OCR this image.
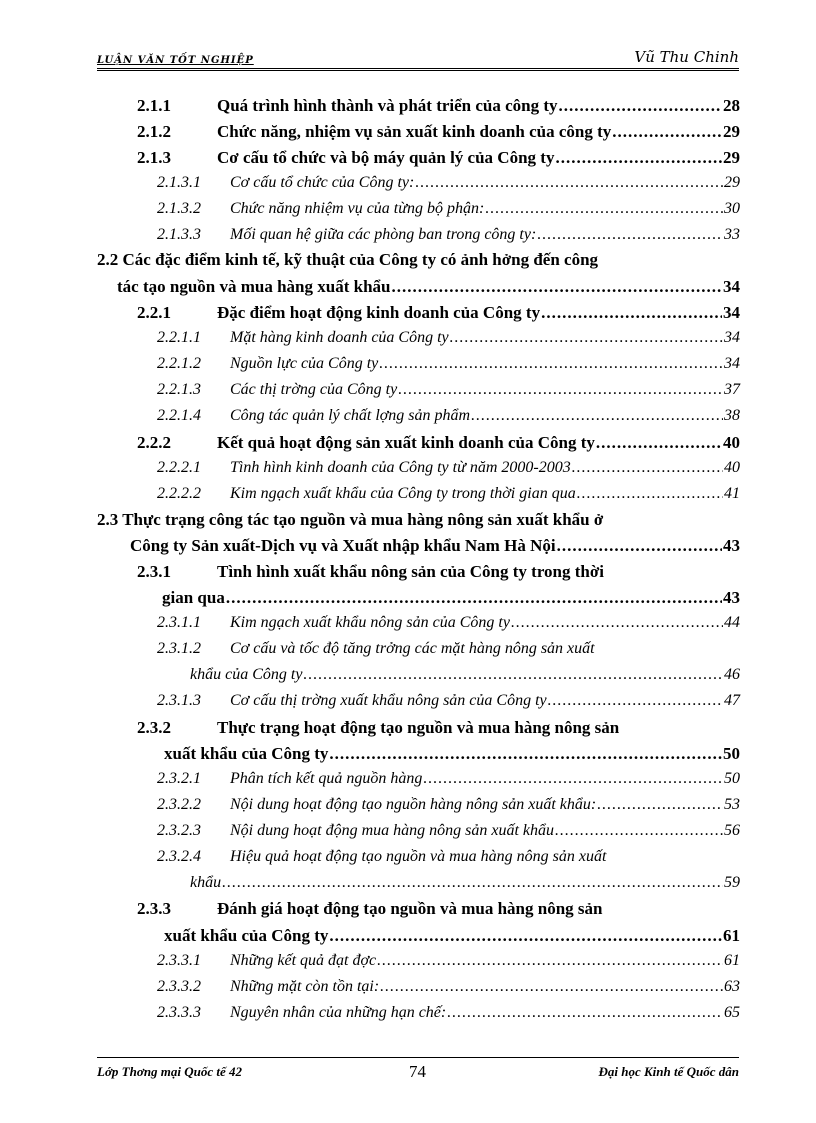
LUẬN VĂN TỐT NGHIỆP	Vũ Thu Chinh
2.1.1	Quá trình hình thành và phát triển của công ty .....	28
2.1.2	Chức năng, nhiệm vụ sản xuất kinh doanh của công ty .....	29
2.1.3	Cơ cấu tổ chức và bộ máy quản lý của Công ty .....	29
2.1.3.1	Cơ cấu tổ chức của Công ty: .....	29
2.1.3.2	Chức năng nhiệm vụ của từng bộ phận: .....	30
2.1.3.3	Mối quan hệ giữa các phòng ban trong công ty: .....	33
2.2 Các đặc điểm kinh tế, kỹ thuật của Công ty có ảnh hởng đến công
tác tạo nguồn và mua hàng xuất khẩu .....	34
2.2.1	Đặc điểm hoạt động kinh doanh của Công ty .....	34
2.2.1.1	Mặt hàng kinh doanh của Công ty .....	34
2.2.1.2	Nguồn lực của Công ty .....	34
2.2.1.3	Các thị trờng của Công ty .....	37
2.2.1.4	Công tác quản lý chất lợng sản phẩm .....	38
2.2.2	Kết quả hoạt động sản xuất kinh doanh của Công ty .....	40
2.2.2.1	Tình hình kinh doanh của Công ty từ năm 2000-2003 .....	40
2.2.2.2	Kim ngạch xuất khẩu của Công ty trong thời gian qua .....	41
2.3 Thực trạng công tác tạo nguồn và mua hàng nông sản xuất khẩu ở
Công ty Sản xuất-Dịch vụ và Xuất nhập khẩu Nam Hà Nội .....	43
2.3.1	Tình hình xuất khẩu nông sản của Công ty trong thời
gian qua .....	43
2.3.1.1	Kim ngạch xuất khẩu nông sản của Công ty .....	44
2.3.1.2 Cơ cấu và tốc độ tăng trởng các mặt hàng nông sản xuất
khẩu của Công ty .....	46
2.3.1.3	Cơ cấu thị trờng xuất khẩu nông sản của Công ty .....	47
2.3.2	Thực trạng hoạt động tạo nguồn và mua hàng nông sản
xuất khẩu của Công ty .....	50
2.3.2.1	Phân tích kết quả nguồn hàng .....	50
2.3.2.2	Nội dung hoạt động tạo nguồn hàng nông sản xuất khẩu: .....	53
2.3.2.3	Nội dung hoạt động mua hàng nông sản xuất khẩu .....	56
2.3.2.4 Hiệu quả hoạt động tạo nguồn và mua hàng nông sản xuất
khẩu .....	59
2.3.3	Đánh giá hoạt động tạo nguồn và mua hàng nông sản
xuất khẩu của Công ty .....	61
2.3.3.1	Những kết quả đạt đợc .....	61
2.3.3.2	Những mặt còn tồn tại: .....	63
2.3.3.3	Nguyên nhân của những hạn chế: .....	65
Lớp Thơng mại Quốc tế 42	74	Đại học Kinh tế Quốc dân
